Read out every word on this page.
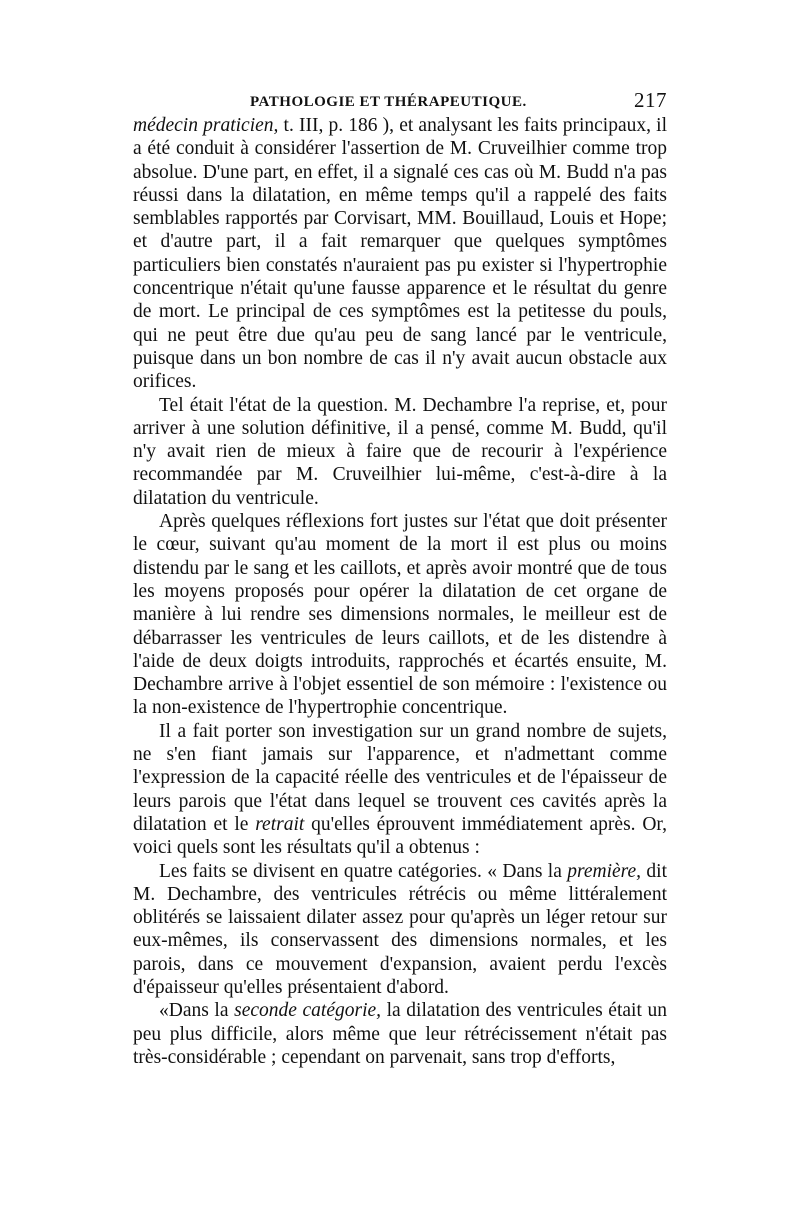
PATHOLOGIE ET THÉRAPEUTIQUE.	217

médecin praticien, t. III, p. 186 ), et analysant les faits principaux, il a été conduit à considérer l'assertion de M. Cruveilhier comme trop absolue. D'une part, en effet, il a signalé ces cas où M. Budd n'a pas réussi dans la dilatation, en même temps qu'il a rappelé des faits semblables rapportés par Corvisart, MM. Bouillaud, Louis et Hope; et d'autre part, il a fait remarquer que quelques symptômes particuliers bien constatés n'auraient pas pu exister si l'hypertrophie concentrique n'était qu'une fausse apparence et le résultat du genre de mort. Le principal de ces symptômes est la petitesse du pouls, qui ne peut être due qu'au peu de sang lancé par le ventricule, puisque dans un bon nombre de cas il n'y avait aucun obstacle aux orifices.

Tel était l'état de la question. M. Dechambre l'a reprise, et, pour arriver à une solution définitive, il a pensé, comme M. Budd, qu'il n'y avait rien de mieux à faire que de recourir à l'expérience recommandée par M. Cruveilhier lui-même, c'est-à-dire à la dilatation du ventricule.

Après quelques réflexions fort justes sur l'état que doit présenter le cœur, suivant qu'au moment de la mort il est plus ou moins distendu par le sang et les caillots, et après avoir montré que de tous les moyens proposés pour opérer la dilatation de cet organe de manière à lui rendre ses dimensions normales, le meilleur est de débarrasser les ventricules de leurs caillots, et de les distendre à l'aide de deux doigts introduits, rapprochés et écartés ensuite, M. Dechambre arrive à l'objet essentiel de son mémoire : l'existence ou la non-existence de l'hypertrophie concentrique.

Il a fait porter son investigation sur un grand nombre de sujets, ne s'en fiant jamais sur l'apparence, et n'admettant comme l'expression de la capacité réelle des ventricules et de l'épaisseur de leurs parois que l'état dans lequel se trouvent ces cavités après la dilatation et le retrait qu'elles éprouvent immédiatement après. Or, voici quels sont les résultats qu'il a obtenus :

Les faits se divisent en quatre catégories. « Dans la première, dit M. Dechambre, des ventricules rétrécis ou même littéralement oblitérés se laissaient dilater assez pour qu'après un léger retour sur eux-mêmes, ils conservassent des dimensions normales, et les parois, dans ce mouvement d'expansion, avaient perdu l'excès d'épaisseur qu'elles présentaient d'abord.

«Dans la seconde catégorie, la dilatation des ventricules était un peu plus difficile, alors même que leur rétrécissement n'était pas très-considérable ; cependant on parvenait, sans trop d'efforts,
